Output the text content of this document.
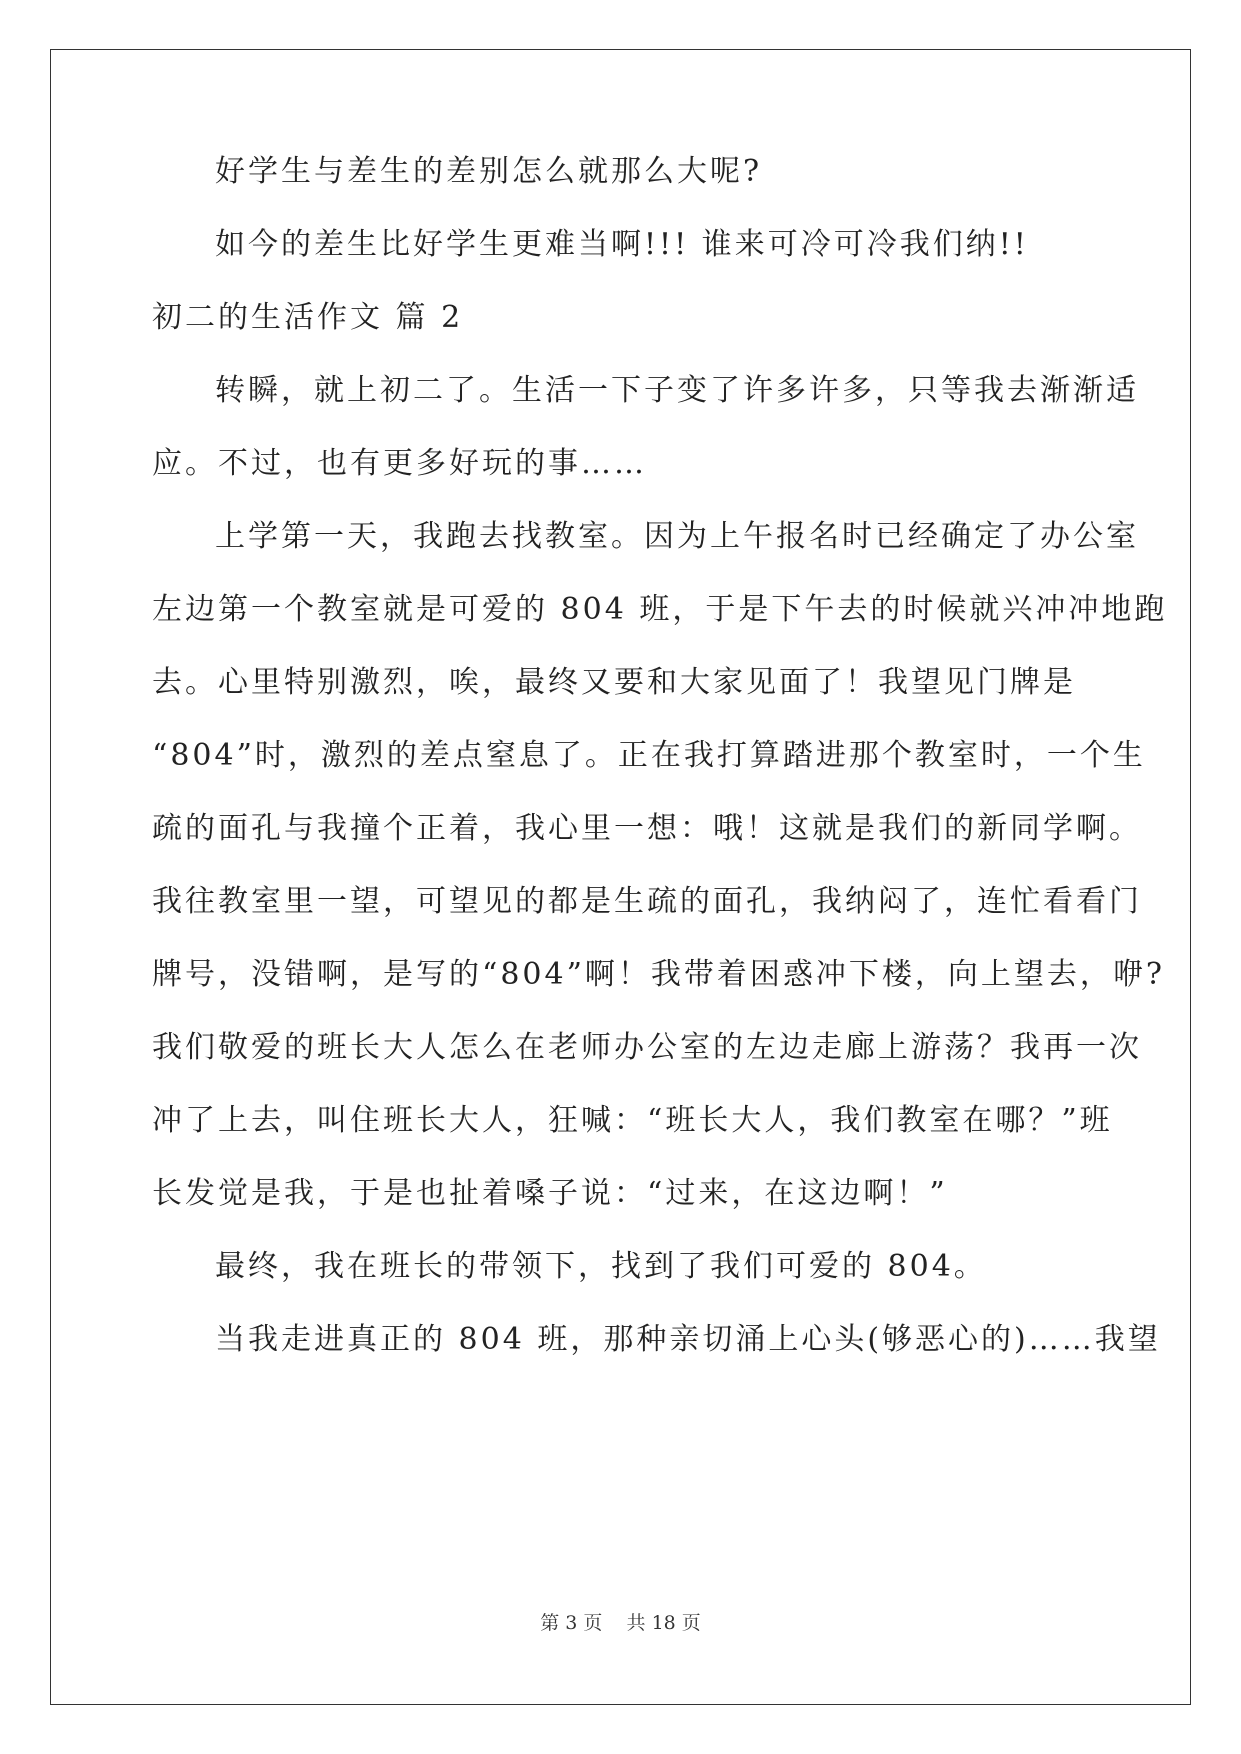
好学生与差生的差别怎么就那么大呢?
如今的差生比好学生更难当啊!!! 谁来可冷可冷我们纳!!
初二的生活作文 篇 2
转瞬，就上初二了。生活一下子变了许多许多，只等我去渐渐适
应。不过，也有更多好玩的事……
上学第一天，我跑去找教室。因为上午报名时已经确定了办公室
左边第一个教室就是可爱的 804 班，于是下午去的时候就兴冲冲地跑
去。心里特别激烈，唉，最终又要和大家见面了！我望见门牌是
“804”时，激烈的差点窒息了。正在我打算踏进那个教室时，一个生
疏的面孔与我撞个正着，我心里一想：哦！这就是我们的新同学啊。
我往教室里一望，可望见的都是生疏的面孔，我纳闷了，连忙看看门
牌号，没错啊，是写的“804”啊！我带着困惑冲下楼，向上望去，咿?
我们敬爱的班长大人怎么在老师办公室的左边走廊上游荡？我再一次
冲了上去，叫住班长大人，狂喊：“班长大人，我们教室在哪？”班
长发觉是我，于是也扯着嗓子说：“过来，在这边啊！”
最终，我在班长的带领下，找到了我们可爱的 804。
当我走进真正的 804 班，那种亲切涌上心头(够恶心的)……我望
第 3 页 共 18 页
